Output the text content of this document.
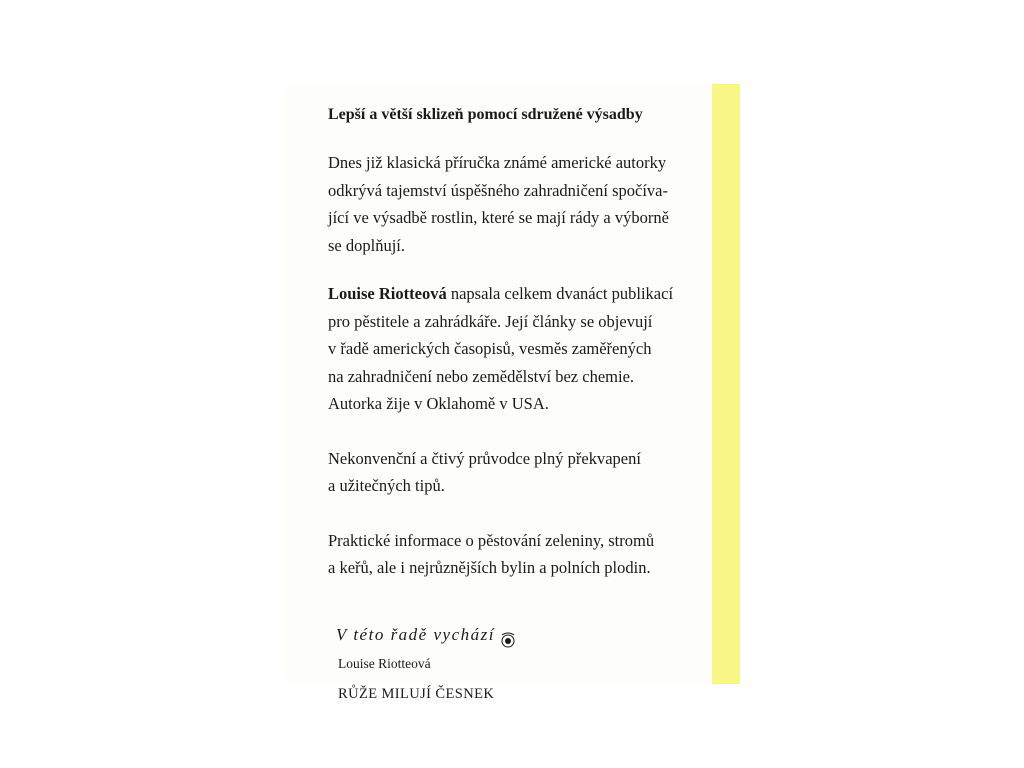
Lepší a větší sklizeň pomocí sdružené výsadby

Dnes již klasická příručka známé americké autorky
odkrývá tajemství úspěšného zahradničení spočíva-
jící ve výsadbě rostlin, které se mají rády a výborně
se doplňují.

Louise Riotteová napsala celkem dvanáct publikací
pro pěstitele a zahrádkáře. Její články se objevují
v řadě amerických časopisů, vesměs zaměřených
na zahradničení nebo zemědělství bez chemie.
Autorka žije v Oklahomě v USA.

Nekonvenční a čtivý průvodce plný překvapení
a užitečných tipů.

Praktické informace o pěstování zeleniny, stromů
a keřů, ale i nejrůznějších bylin a polních plodin.

V této řadě vychází
Louise Riotteová
RŮŽE MILUJÍ ČESNEK
